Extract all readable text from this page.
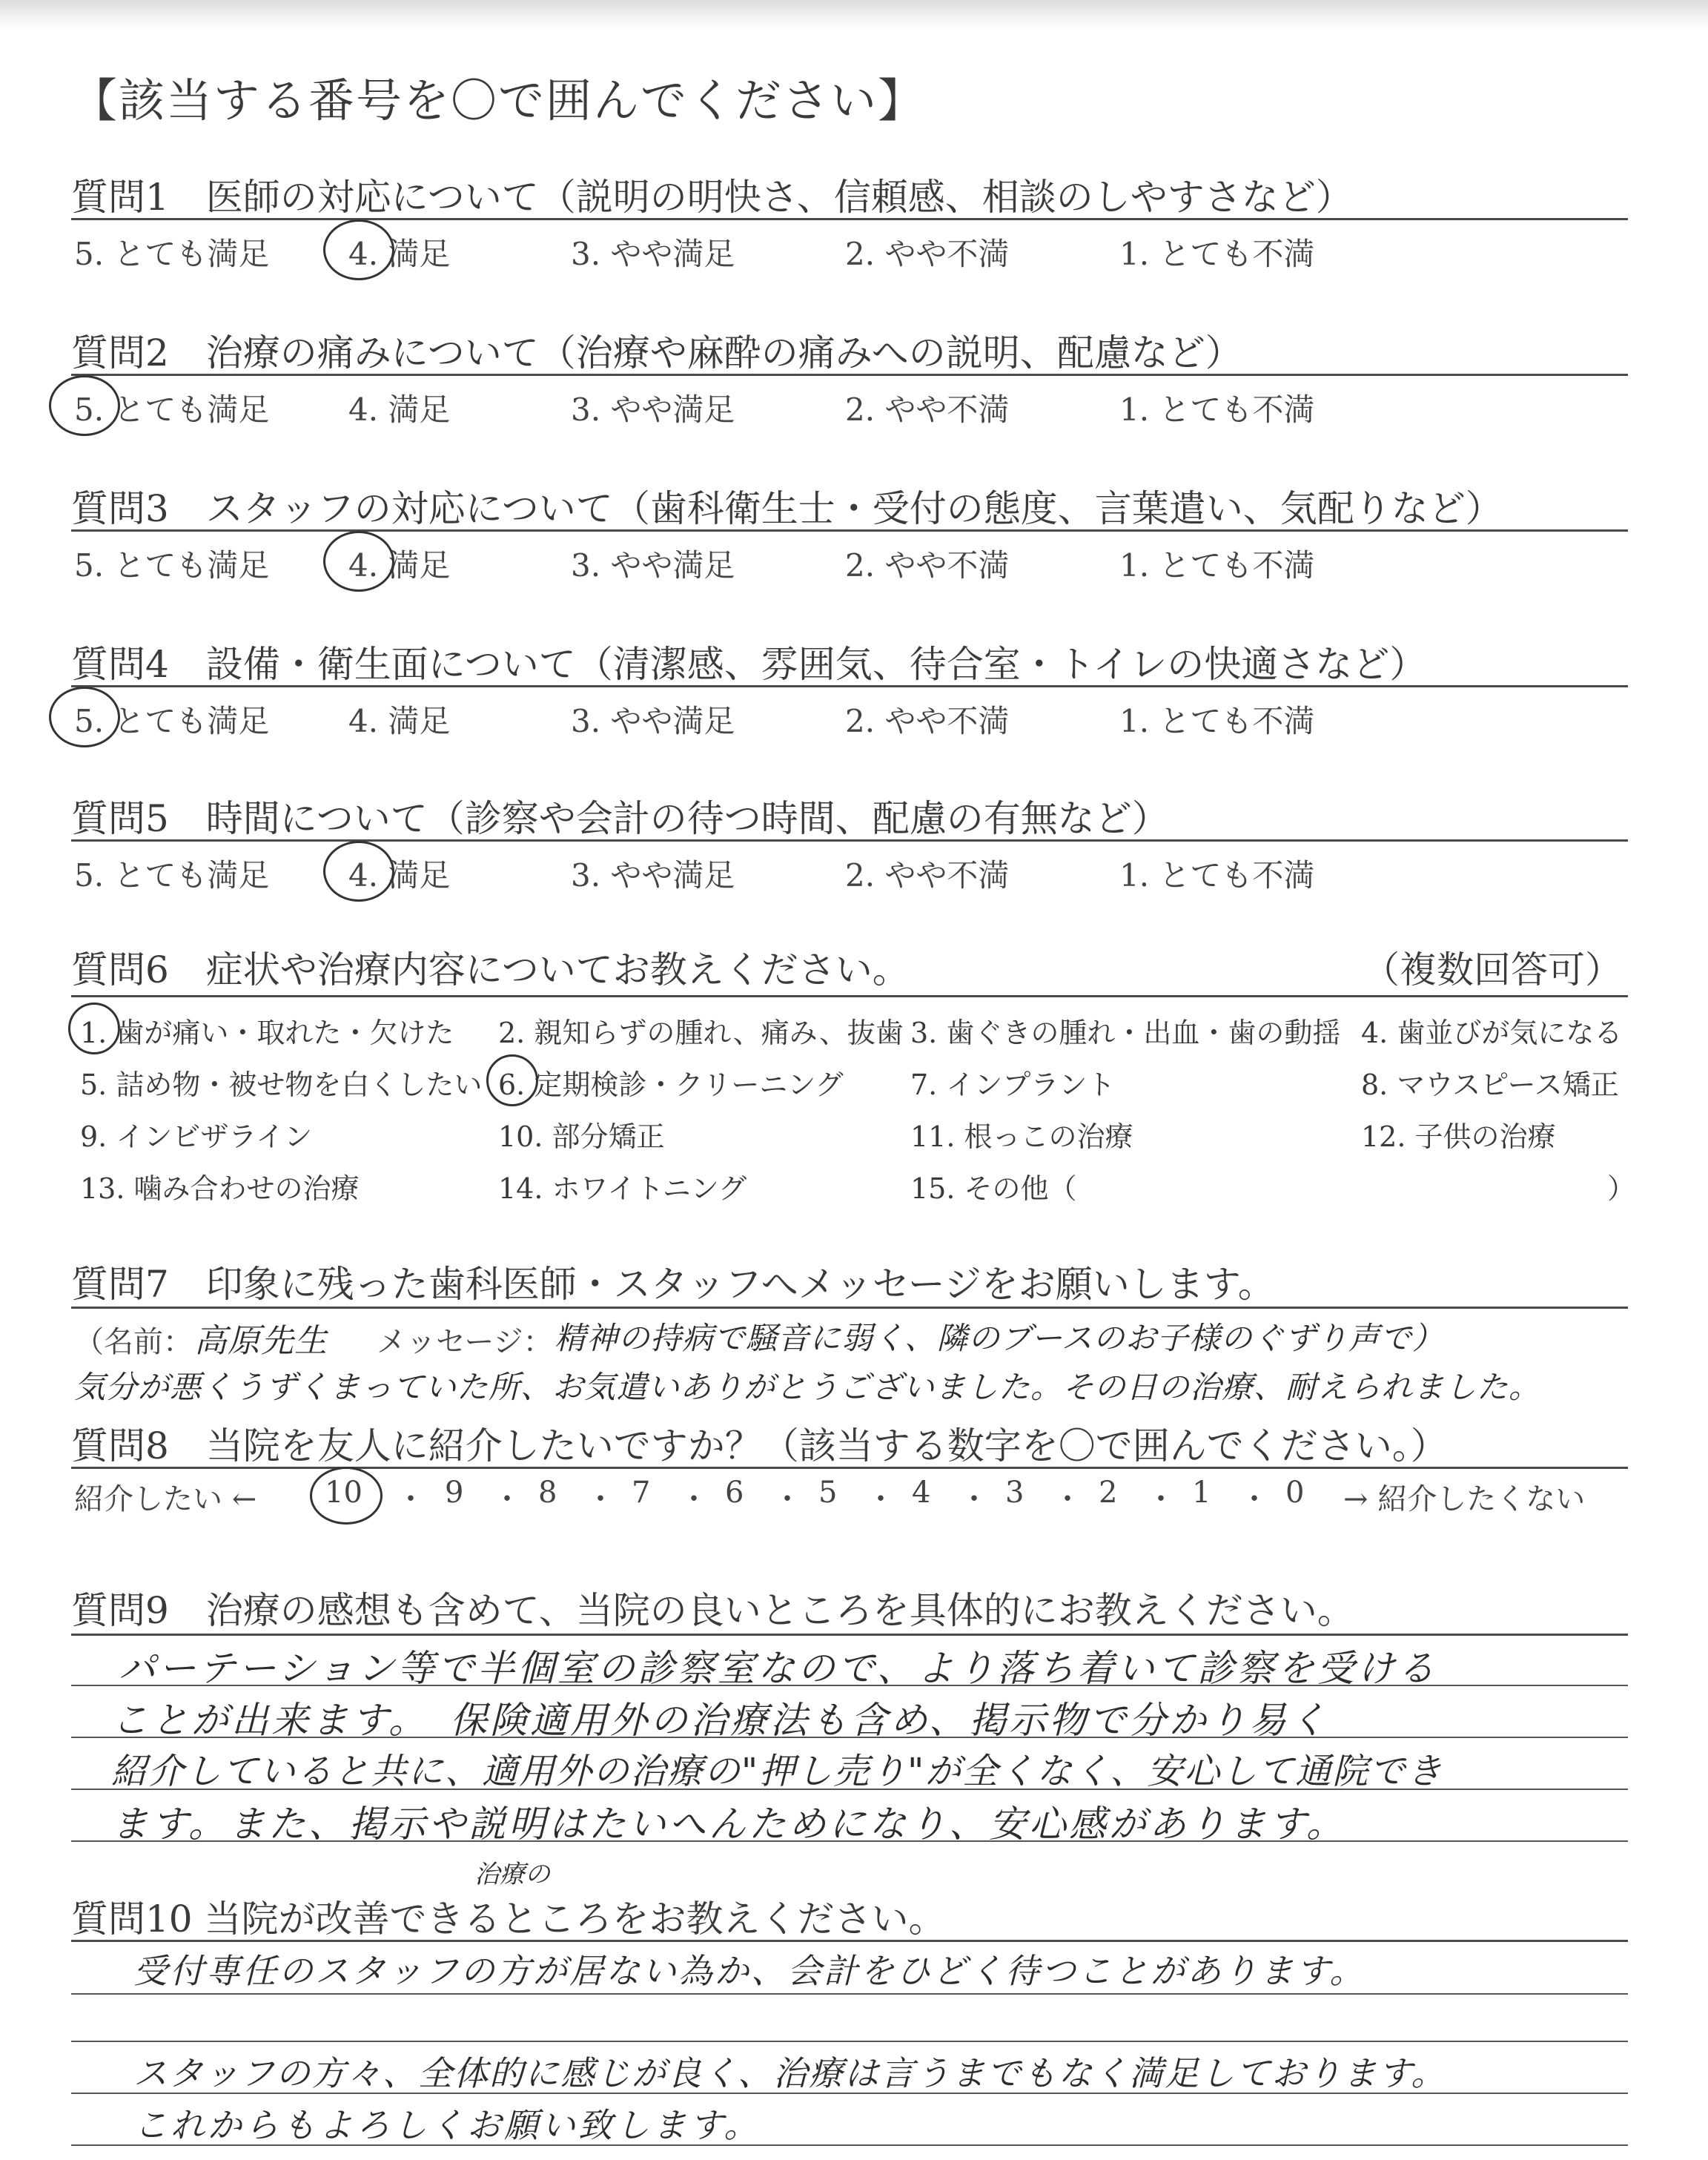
【該当する番号を〇で囲んでください】
質問1　医師の対応について（説明の明快さ、信頼感、相談のしやすさなど）
5. とても満足	4. 満足	3. やや満足	2. やや不満	1. とても不満
質問2　治療の痛みについて（治療や麻酔の痛みへの説明、配慮など）
5. とても満足	4. 満足	3. やや満足	2. やや不満	1. とても不満
質問3　スタッフの対応について（歯科衛生士・受付の態度、言葉遣い、気配りなど）
5. とても満足	4. 満足	3. やや満足	2. やや不満	1. とても不満
質問4　設備・衛生面について（清潔感、雰囲気、待合室・トイレの快適さなど）
5. とても満足	4. 満足	3. やや満足	2. やや不満	1. とても不満
質問5　時間について（診察や会計の待つ時間、配慮の有無など）
5. とても満足	4. 満足	3. やや満足	2. やや不満	1. とても不満
質問6　症状や治療内容についてお教えください。	（複数回答可）
1. 歯が痛い・取れた・欠けた 2. 親知らずの腫れ、痛み、抜歯 3. 歯ぐきの腫れ・出血・歯の動揺 4. 歯並びが気になる
5. 詰め物・被せ物を白くしたい 6. 定期検診・クリーニング 7. インプラント	8. マウスピース矯正
9. インビザライン	10. 部分矯正	11. 根っこの治療	12. 子供の治療
13. 噛み合わせの治療	14. ホワイトニング	15. その他（	）
質問7　印象に残った歯科医師・スタッフへメッセージをお願いします。
（名前： 高原先生 メッセージ： 精神の持病で騒音に弱く、隣のブースのお子様のぐずり声で）
気分が悪くうずくまっていた所、お気遣いありがとうございました。その日の治療、耐えられました。
質問8　当院を友人に紹介したいですか？（該当する数字を〇で囲んでください。）
紹介したい ← 10 ・ 9 ・ 8 ・ 7 ・ 6 ・ 5 ・ 4 ・ 3 ・ 2 ・ 1 ・ 0 → 紹介したくない
質問9　治療の感想も含めて、当院の良いところを具体的にお教えください。
パーテーション等で半個室の診察室なので、より落ち着いて診察を受ける
ことが出来ます。　保険適用外の治療法も含め、掲示物で分かり易く
紹介していると共に、適用外の治療の"押し売り"が全くなく、安心して通院でき
ます。また、掲示や説明はたいへんためになり、安心感があります。
治療の
質問10 当院が改善できるところをお教えください。
受付専任のスタッフの方が居ない為か、会計をひどく待つことがあります。
スタッフの方々、全体的に感じが良く、治療は言うまでもなく満足しております。
これからもよろしくお願い致します。
